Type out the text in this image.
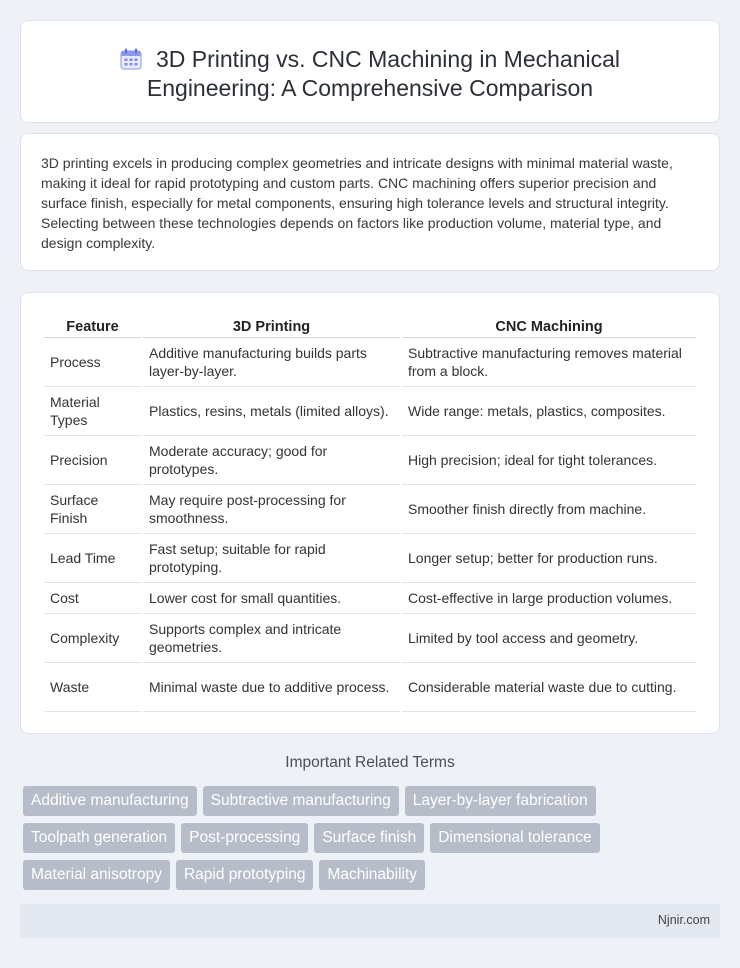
3D Printing vs. CNC Machining in Mechanical Engineering: A Comprehensive Comparison

3D printing excels in producing complex geometries and intricate designs with minimal material waste, making it ideal for rapid prototyping and custom parts. CNC machining offers superior precision and surface finish, especially for metal components, ensuring high tolerance levels and structural integrity. Selecting between these technologies depends on factors like production volume, material type, and design complexity.

Feature	3D Printing	CNC Machining
Process	Additive manufacturing builds parts layer-by-layer.	Subtractive manufacturing removes material from a block.
Material Types	Plastics, resins, metals (limited alloys).	Wide range: metals, plastics, composites.
Precision	Moderate accuracy; good for prototypes.	High precision; ideal for tight tolerances.
Surface Finish	May require post-processing for smoothness.	Smoother finish directly from machine.
Lead Time	Fast setup; suitable for rapid prototyping.	Longer setup; better for production runs.
Cost	Lower cost for small quantities.	Cost-effective in large production volumes.
Complexity	Supports complex and intricate geometries.	Limited by tool access and geometry.
Waste	Minimal waste due to additive process.	Considerable material waste due to cutting.
Important Related Terms
Additive manufacturing	Subtractive manufacturing	Layer-by-layer fabrication
Toolpath generation	Post-processing	Surface finish	Dimensional tolerance
Material anisotropy	Rapid prototyping	Machinability
Njnir.com
